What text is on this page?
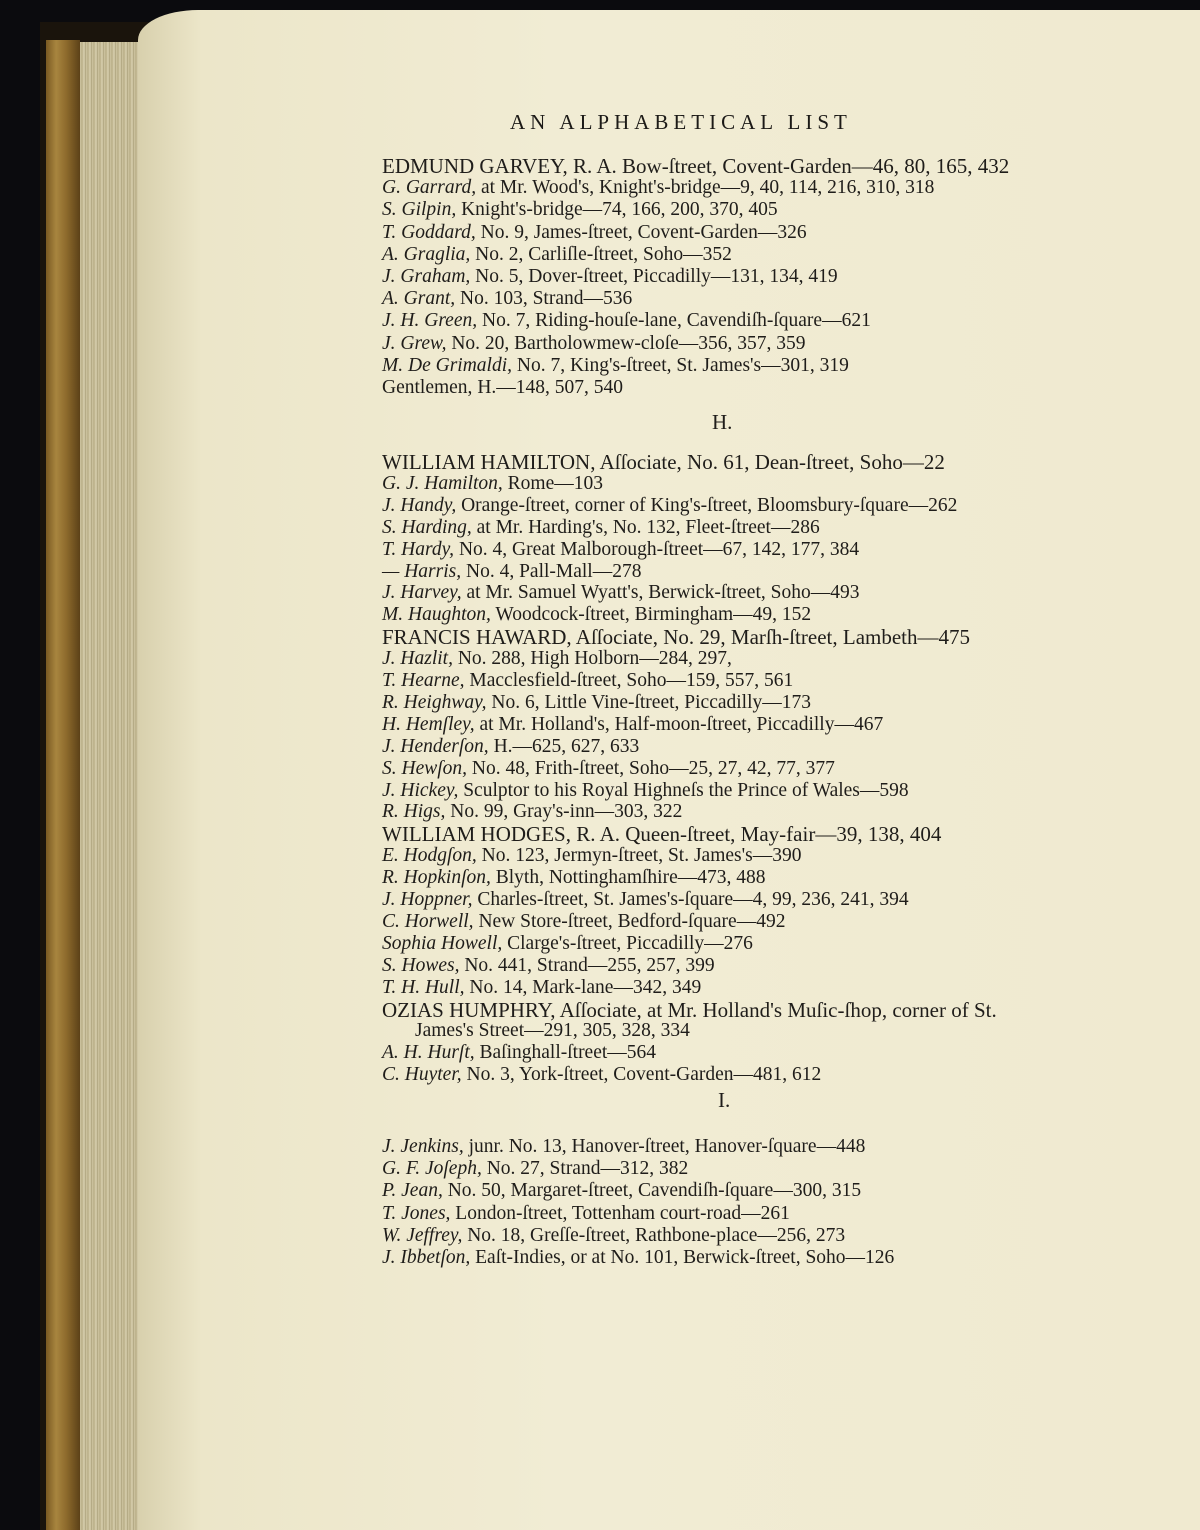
AN ALPHABETICAL LIST
EDMUND GARVEY, R. A. Bow-ſtreet, Covent-Garden—46, 80, 165, 432
G. Garrard, at Mr. Wood's, Knight's-bridge—9, 40, 114, 216, 310, 318
S. Gilpin, Knight's-bridge—74, 166, 200, 370, 405
T. Goddard, No. 9, James-ſtreet, Covent-Garden—326
A. Graglia, No. 2, Carliſle-ſtreet, Soho—352
J. Graham, No. 5, Dover-ſtreet, Piccadilly—131, 134, 419
A. Grant, No. 103, Strand—536
J. H. Green, No. 7, Riding-houſe-lane, Cavendiſh-ſquare—621
J. Grew, No. 20, Bartholowmew-cloſe—356, 357, 359
M. De Grimaldi, No. 7, King's-ſtreet, St. James's—301, 319
Gentlemen, H.—148, 507, 540
H.
WILLIAM HAMILTON, Aſſociate, No. 61, Dean-ſtreet, Soho—22
G. J. Hamilton, Rome—103
J. Handy, Orange-ſtreet, corner of King's-ſtreet, Bloomsbury-ſquare—262
S. Harding, at Mr. Harding's, No. 132, Fleet-ſtreet—286
T. Hardy, No. 4, Great Malborough-ſtreet—67, 142, 177, 384
— Harris, No. 4, Pall-Mall—278
J. Harvey, at Mr. Samuel Wyatt's, Berwick-ſtreet, Soho—493
M. Haughton, Woodcock-ſtreet, Birmingham—49, 152
FRANCIS HAWARD, Aſſociate, No. 29, Marſh-ſtreet, Lambeth—475
J. Hazlit, No. 288, High Holborn—284, 297,
T. Hearne, Macclesfield-ſtreet, Soho—159, 557, 561
R. Heighway, No. 6, Little Vine-ſtreet, Piccadilly—173
H. Hemſley, at Mr. Holland's, Half-moon-ſtreet, Piccadilly—467
J. Henderſon, H.—625, 627, 633
S. Hewſon, No. 48, Frith-ſtreet, Soho—25, 27, 42, 77, 377
J. Hickey, Sculptor to his Royal Highneſs the Prince of Wales—598
R. Higs, No. 99, Gray's-inn—303, 322
WILLIAM HODGES, R. A. Queen-ſtreet, May-fair—39, 138, 404
E. Hodgſon, No. 123, Jermyn-ſtreet, St. James's—390
R. Hopkinſon, Blyth, Nottinghamſhire—473, 488
J. Hoppner, Charles-ſtreet, St. James's-ſquare—4, 99, 236, 241, 394
C. Horwell, New Store-ſtreet, Bedford-ſquare—492
Sophia Howell, Clarge's-ſtreet, Piccadilly—276
S. Howes, No. 441, Strand—255, 257, 399
T. H. Hull, No. 14, Mark-lane—342, 349
OZIAS HUMPHRY, Aſſociate, at Mr. Holland's Muſic-ſhop, corner of St.
James's Street—291, 305, 328, 334
A. H. Hurſt, Baſinghall-ſtreet—564
C. Huyter, No. 3, York-ſtreet, Covent-Garden—481, 612
I.
J. Jenkins, junr. No. 13, Hanover-ſtreet, Hanover-ſquare—448
G. F. Joſeph, No. 27, Strand—312, 382
P. Jean, No. 50, Margaret-ſtreet, Cavendiſh-ſquare—300, 315
T. Jones, London-ſtreet, Tottenham court-road—261
W. Jeffrey, No. 18, Greſſe-ſtreet, Rathbone-place—256, 273
J. Ibbetſon, Eaſt-Indies, or at No. 101, Berwick-ſtreet, Soho—126
